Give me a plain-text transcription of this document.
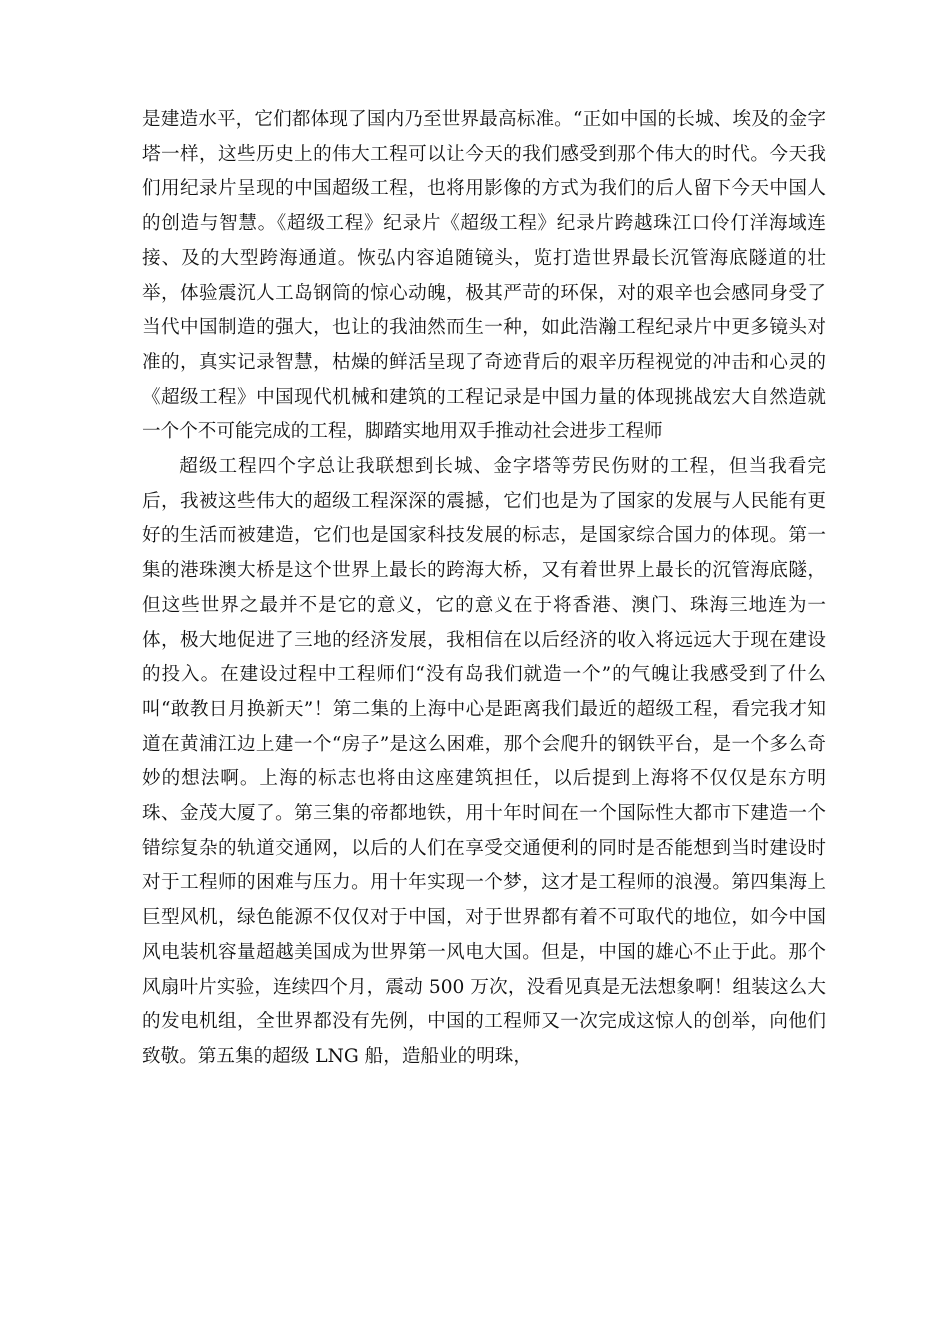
是建造水平，它们都体现了国内乃至世界最高标准。“正如中国的长城、埃及的金字塔一样，这些历史上的伟大工程可以让今天的我们感受到那个伟大的时代。今天我们用纪录片呈现的中国超级工程，也将用影像的方式为我们的后人留下今天中国人的创造与智慧。《超级工程》纪录片《超级工程》纪录片跨越珠江口伶仃洋海域连接、及的大型跨海通道。恢弘内容追随镜头，览打造世界最长沉管海底隧道的壮举，体验震沉人工岛钢筒的惊心动魄，极其严苛的环保，对的艰辛也会感同身受了当代中国制造的强大，也让的我油然而生一种，如此浩瀚工程纪录片中更多镜头对准的，真实记录智慧，枯燥的鲜活呈现了奇迹背后的艰辛历程视觉的冲击和心灵的《超级工程》中国现代机械和建筑的工程记录是中国力量的体现挑战宏大自然造就一个个不可能完成的工程，脚踏实地用双手推动社会进步工程师

超级工程四个字总让我联想到长城、金字塔等劳民伤财的工程，但当我看完后，我被这些伟大的超级工程深深的震撼，它们也是为了国家的发展与人民能有更好的生活而被建造，它们也是国家科技发展的标志，是国家综合国力的体现。第一集的港珠澳大桥是这个世界上最长的跨海大桥，又有着世界上最长的沉管海底隧，但这些世界之最并不是它的意义，它的意义在于将香港、澳门、珠海三地连为一体，极大地促进了三地的经济发展，我相信在以后经济的收入将远远大于现在建设的投入。在建设过程中工程师们“没有岛我们就造一个”的气魄让我感受到了什么叫“敢教日月换新天”！第二集的上海中心是距离我们最近的超级工程，看完我才知道在黄浦江边上建一个“房子”是这么困难，那个会爬升的钢铁平台，是一个多么奇妙的想法啊。上海的标志也将由这座建筑担任，以后提到上海将不仅仅是东方明珠、金茂大厦了。第三集的帝都地铁，用十年时间在一个国际性大都市下建造一个错综复杂的轨道交通网，以后的人们在享受交通便利的同时是否能想到当时建设时对于工程师的困难与压力。用十年实现一个梦，这才是工程师的浪漫。第四集海上巨型风机，绿色能源不仅仅对于中国，对于世界都有着不可取代的地位，如今中国风电装机容量超越美国成为世界第一风电大国。但是，中国的雄心不止于此。那个风扇叶片实验，连续四个月，震动 500 万次，没看见真是无法想象啊！组装这么大的发电机组，全世界都没有先例，中国的工程师又一次完成这惊人的创举，向他们致敬。第五集的超级 LNG 船，造船业的明珠，
